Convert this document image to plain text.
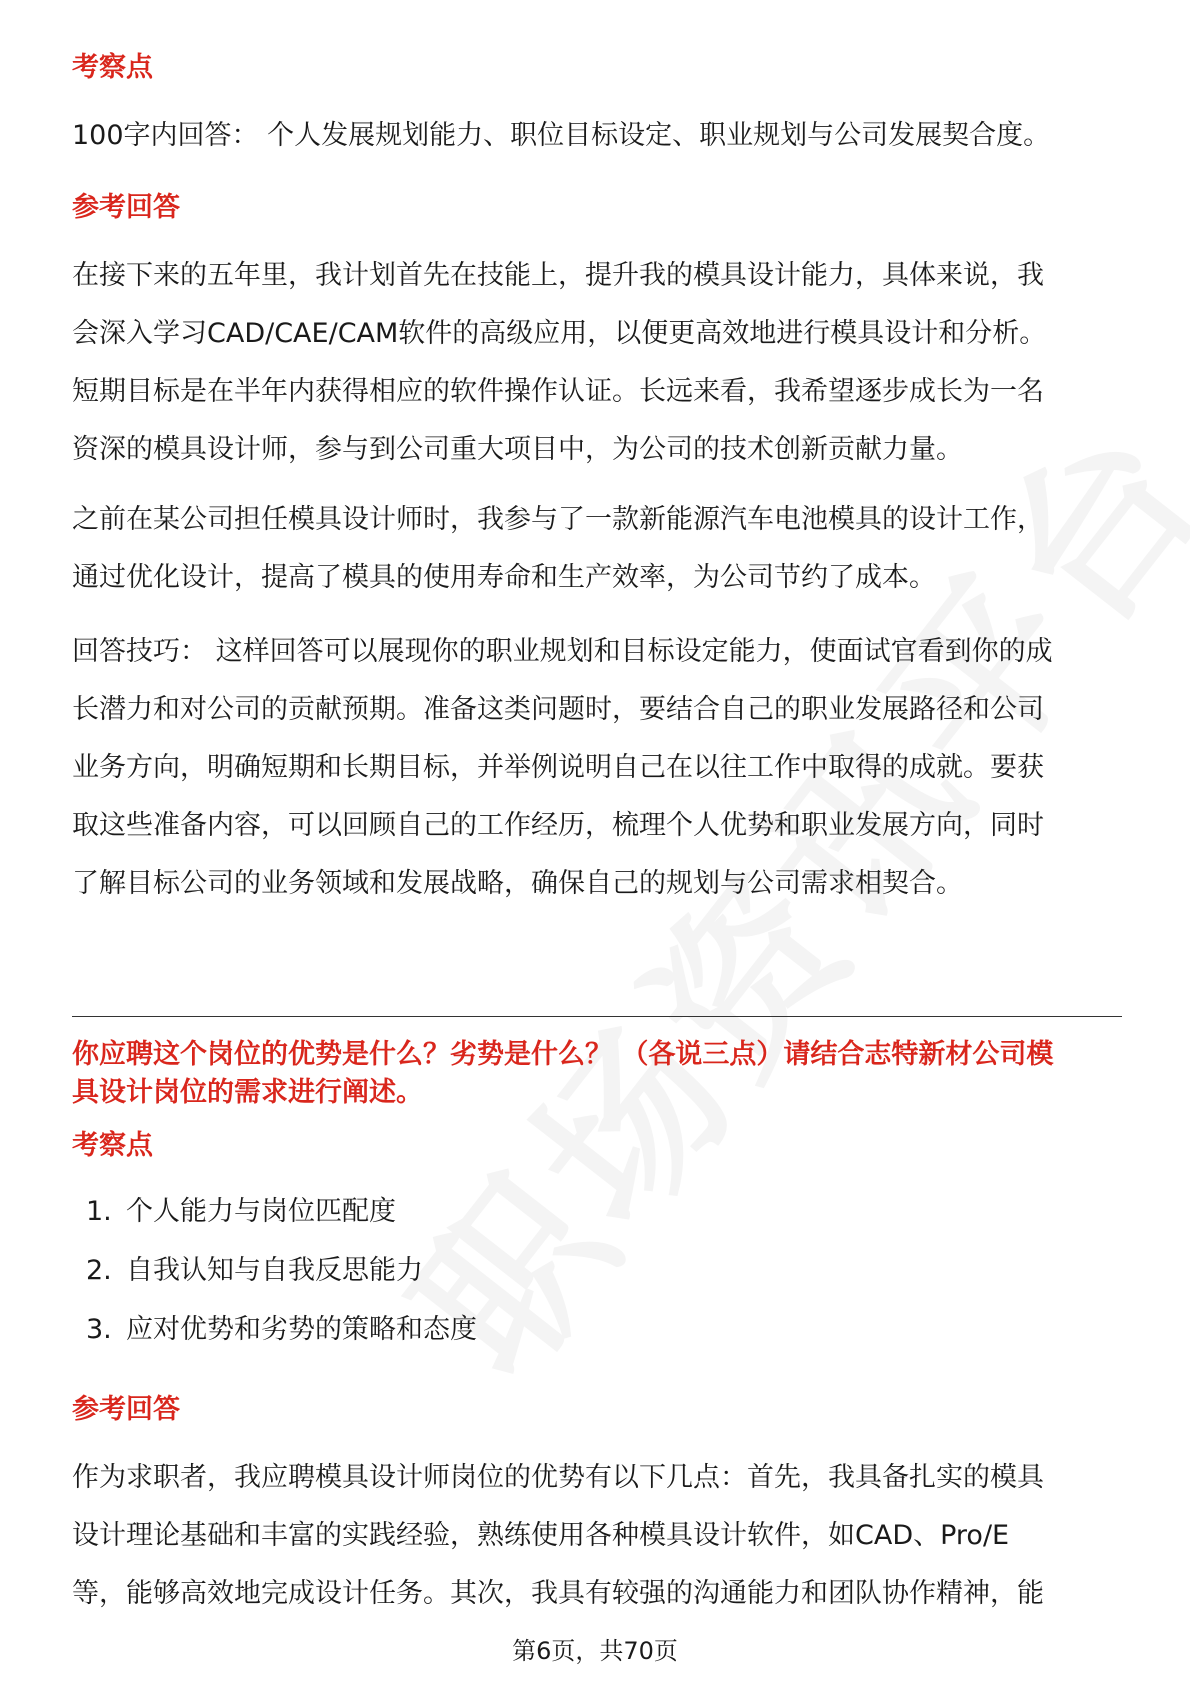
考察点
100字内回答： 个人发展规划能力、职位目标设定、职业规划与公司发展契合度。
参考回答
在接下来的五年里，我计划首先在技能上，提升我的模具设计能力，具体来说，我
会深入学习CAD/CAE/CAM软件的高级应用，以便更高效地进行模具设计和分析。
短期目标是在半年内获得相应的软件操作认证。长远来看，我希望逐步成长为一名
资深的模具设计师，参与到公司重大项目中，为公司的技术创新贡献力量。
之前在某公司担任模具设计师时，我参与了一款新能源汽车电池模具的设计工作，
通过优化设计，提高了模具的使用寿命和生产效率，为公司节约了成本。
回答技巧： 这样回答可以展现你的职业规划和目标设定能力，使面试官看到你的成
长潜力和对公司的贡献预期。准备这类问题时，要结合自己的职业发展路径和公司
业务方向，明确短期和长期目标，并举例说明自己在以往工作中取得的成就。要获
取这些准备内容，可以回顾自己的工作经历，梳理个人优势和职业发展方向，同时
了解目标公司的业务领域和发展战略，确保自己的规划与公司需求相契合。
你应聘这个岗位的优势是什么？劣势是什么？ （各说三点）请结合志特新材公司模
具设计岗位的需求进行阐述。
考察点
1. 个人能力与岗位匹配度
2. 自我认知与自我反思能力
3. 应对优势和劣势的策略和态度
参考回答
作为求职者，我应聘模具设计师岗位的优势有以下几点：首先，我具备扎实的模具
设计理论基础和丰富的实践经验，熟练使用各种模具设计软件，如CAD、Pro/E
等，能够高效地完成设计任务。其次，我具有较强的沟通能力和团队协作精神，能
第6页，共70页
